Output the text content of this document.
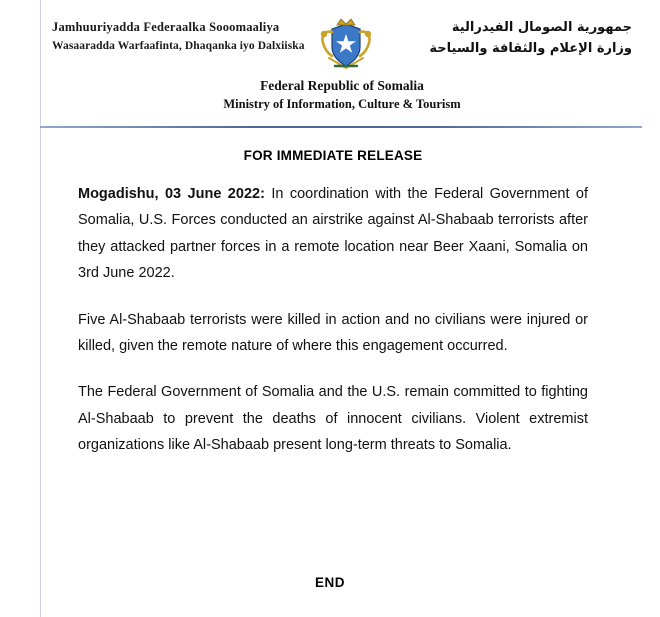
Jamhuuriyadda Federaalka Sooomaaliya
Wasaaradda Warfaafinta, Dhaqanka iyo Dalxiiska
جمهورية الصومال الفيدرالية
وزارة الإعلام والثقافة والسياحة
Federal Republic of Somalia
Ministry of Information, Culture & Tourism
FOR IMMEDIATE RELEASE

Mogadishu, 03 June 2022: In coordination with the Federal Government of Somalia, U.S. Forces conducted an airstrike against Al-Shabaab terrorists after they attacked partner forces in a remote location near Beer Xaani, Somalia on 3rd June 2022.

Five Al-Shabaab terrorists were killed in action and no civilians were injured or killed, given the remote nature of where this engagement occurred.

The Federal Government of Somalia and the U.S. remain committed to fighting Al-Shabaab to prevent the deaths of innocent civilians. Violent extremist organizations like Al-Shabaab present long-term threats to Somalia.

END
